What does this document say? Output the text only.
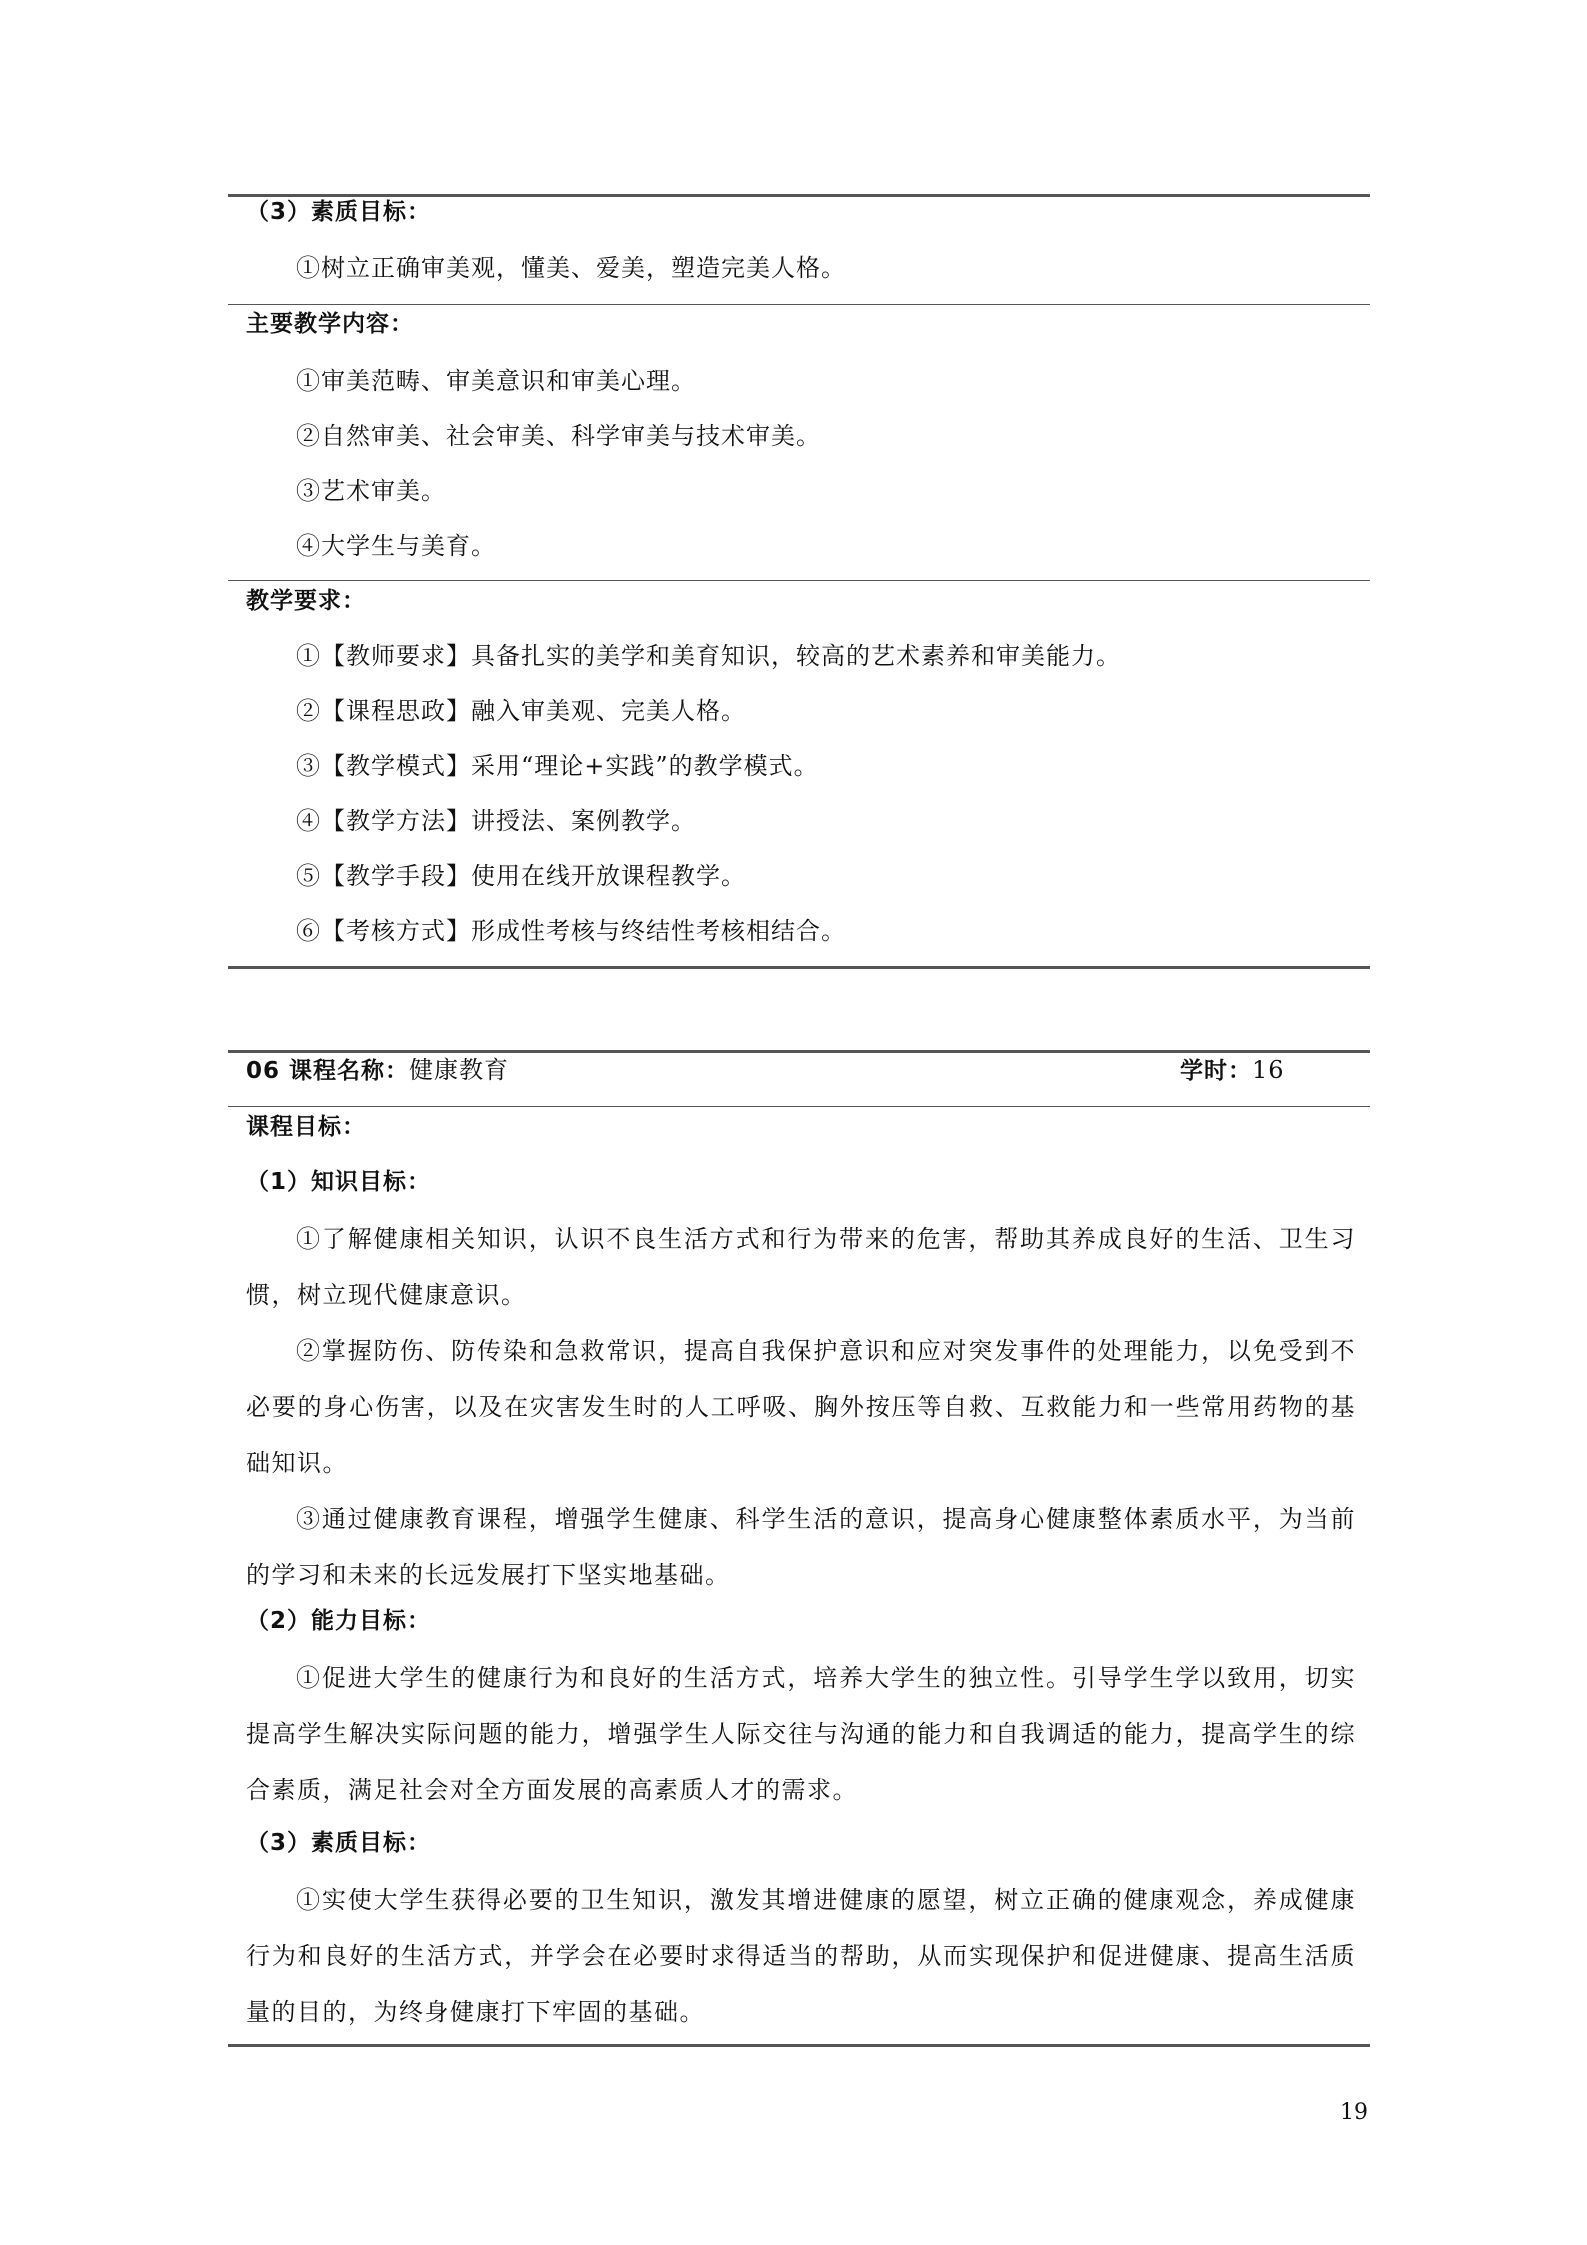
（3）素质目标：
①树立正确审美观，懂美、爱美，塑造完美人格。
主要教学内容：
①审美范畴、审美意识和审美心理。
②自然审美、社会审美、科学审美与技术审美。
③艺术审美。
④大学生与美育。
教学要求：
①【教师要求】具备扎实的美学和美育知识，较高的艺术素养和审美能力。
②【课程思政】融入审美观、完美人格。
③【教学模式】采用“理论+实践”的教学模式。
④【教学方法】讲授法、案例教学。
⑤【教学手段】使用在线开放课程教学。
⑥【考核方式】形成性考核与终结性考核相结合。
06 课程名称：健康教育	学时：16
课程目标：
（1）知识目标：

①了解健康相关知识，认识不良生活方式和行为带来的危害，帮助其养成良好的生活、卫生习惯，树立现代健康意识。

②掌握防伤、防传染和急救常识，提高自我保护意识和应对突发事件的处理能力，以免受到不必要的身心伤害，以及在灾害发生时的人工呼吸、胸外按压等自救、互救能力和一些常用药物的基础知识。

③通过健康教育课程，增强学生健康、科学生活的意识，提高身心健康整体素质水平，为当前的学习和未来的长远发展打下坚实地基础。

（2）能力目标：

①促进大学生的健康行为和良好的生活方式，培养大学生的独立性。引导学生学以致用，切实提高学生解决实际问题的能力，增强学生人际交往与沟通的能力和自我调适的能力，提高学生的综合素质，满足社会对全方面发展的高素质人才的需求。

（3）素质目标：

①实使大学生获得必要的卫生知识，激发其增进健康的愿望，树立正确的健康观念，养成健康行为和良好的生活方式，并学会在必要时求得适当的帮助，从而实现保护和促进健康、提高生活质量的目的，为终身健康打下牢固的基础。

19
